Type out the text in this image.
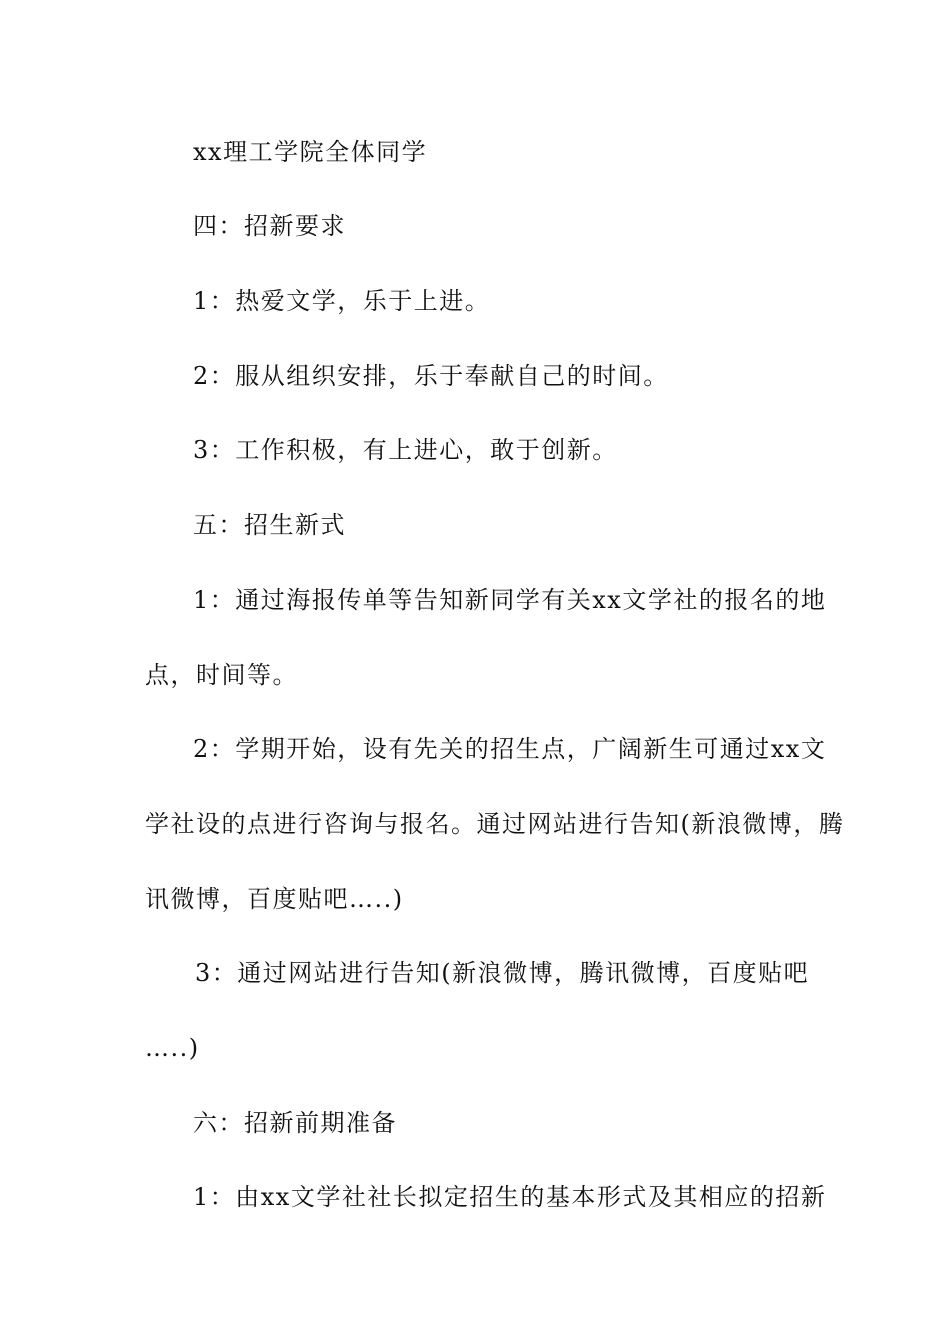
xx理工学院全体同学
四：招新要求
1：热爱文学，乐于上进。
2：服从组织安排，乐于奉献自己的时间。
3：工作积极，有上进心，敢于创新。
五：招生新式
1：通过海报传单等告知新同学有关xx文学社的报名的地
点，时间等。
2：学期开始，设有先关的招生点，广阔新生可通过xx文
学社设的点进行咨询与报名。通过网站进行告知(新浪微博，腾
讯微博，百度贴吧…..)
3：通过网站进行告知(新浪微博，腾讯微博，百度贴吧
…..)
六：招新前期准备
1：由xx文学社社长拟定招生的基本形式及其相应的招新
